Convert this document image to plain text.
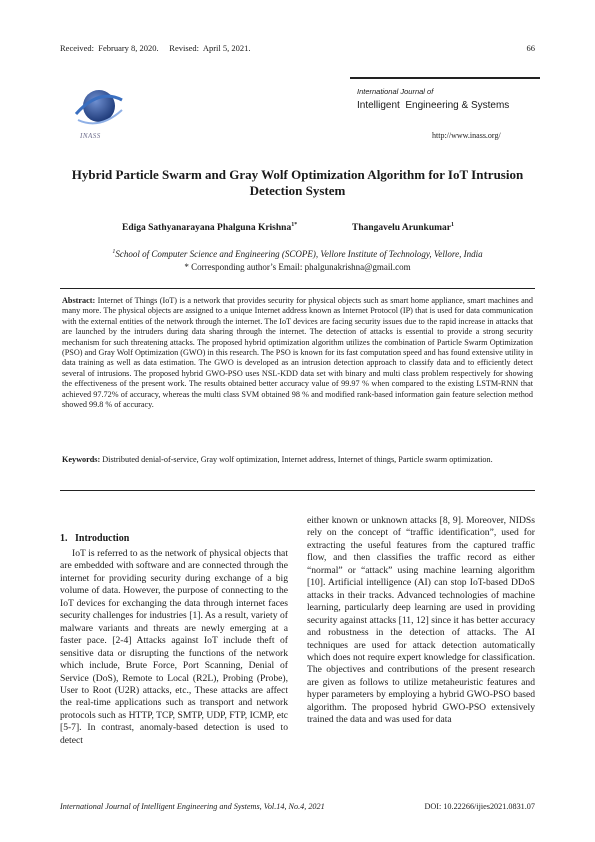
Received:  February 8, 2020.     Revised:  April 5, 2021.	66
INASS
International Journal of
Intelligent  Engineering & Systems
http://www.inass.org/
Hybrid Particle Swarm and Gray Wolf Optimization Algorithm for IoT Intrusion Detection System
Ediga Sathyanarayana Phalguna Krishna$^{1*}$	Thangavelu Arunkumar$^1$
$^1$School of Computer Science and Engineering (SCOPE), Vellore Institute of Technology, Vellore, India
* Corresponding author’s Email: phalgunakrishna@gmail.com
Abstract: Internet of Things (IoT) is a network that provides security for physical objects such as smart home appliance, smart machines and many more. The physical objects are assigned to a unique Internet address known as Internet Protocol (IP) that is used for data communication with the external entities of the network through the internet. The IoT devices are facing security issues due to the rapid increase in attacks that are launched by the intruders during data sharing through the internet. The detection of attacks is essential to provide a strong security mechanism for such threatening attacks. The proposed hybrid optimization algorithm utilizes the combination of Particle Swarm Optimization (PSO) and Gray Wolf Optimization (GWO) in this research. The PSO is known for its fast computation speed and has found extensive utility in data training as well as data estimation. The GWO is developed as an intrusion detection approach to classify data and to efficiently detect several of intrusions. The proposed hybrid GWO-PSO uses NSL-KDD data set with binary and multi class problem respectively for showing the effectiveness of the present work. The results obtained better accuracy value of 99.97 % when compared to the existing LSTM-RNN that achieved 97.72% of accuracy, whereas the multi class SVM obtained 98 % and modified rank-based information gain feature selection method showed 99.8 % of accuracy.
Keywords: Distributed denial-of-service, Gray wolf optimization, Internet address, Internet of things, Particle swarm optimization.
1.   Introduction
IoT is referred to as the network of physical objects that are embedded with software and are connected through the internet for providing security during exchange of a big volume of data. However, the purpose of connecting to the IoT devices for exchanging the data through internet faces security challenges for industries [1]. As a result, variety of malware variants and threats are newly emerging at a faster pace. [2-4] Attacks against IoT include theft of sensitive data or disrupting the functions of the network which include, Brute Force, Port Scanning, Denial of Service (DoS), Remote to Local (R2L), Probing (Probe), User to Root (U2R) attacks, etc., These attacks are affect the real-time applications such as transport and network protocols such as HTTP, TCP, SMTP, UDP, FTP, ICMP, etc [5-7]. In contrast, anomaly-based detection is used to detect
either known or unknown attacks [8, 9]. Moreover, NIDSs rely on the concept of “traffic identification”, used for extracting the useful features from the captured traffic flow, and then classifies the traffic record as either “normal” or “attack” using machine learning algorithm [10]. Artificial intelligence (AI) can stop IoT-based DDoS attacks in their tracks. Advanced technologies of machine learning, particularly deep learning are used in providing security against attacks [11, 12] since it has better accuracy and robustness in the detection of attacks. The AI techniques are used for attack detection automatically which does not require expert knowledge for classification. The objectives and contributions of the present research are given as follows to utilize metaheuristic features and hyper parameters by employing a hybrid GWO-PSO based algorithm. The proposed hybrid GWO-PSO extensively trained the data and was used for data
International Journal of Intelligent Engineering and Systems, Vol.14, No.4, 2021	DOI: 10.22266/ijies2021.0831.07
